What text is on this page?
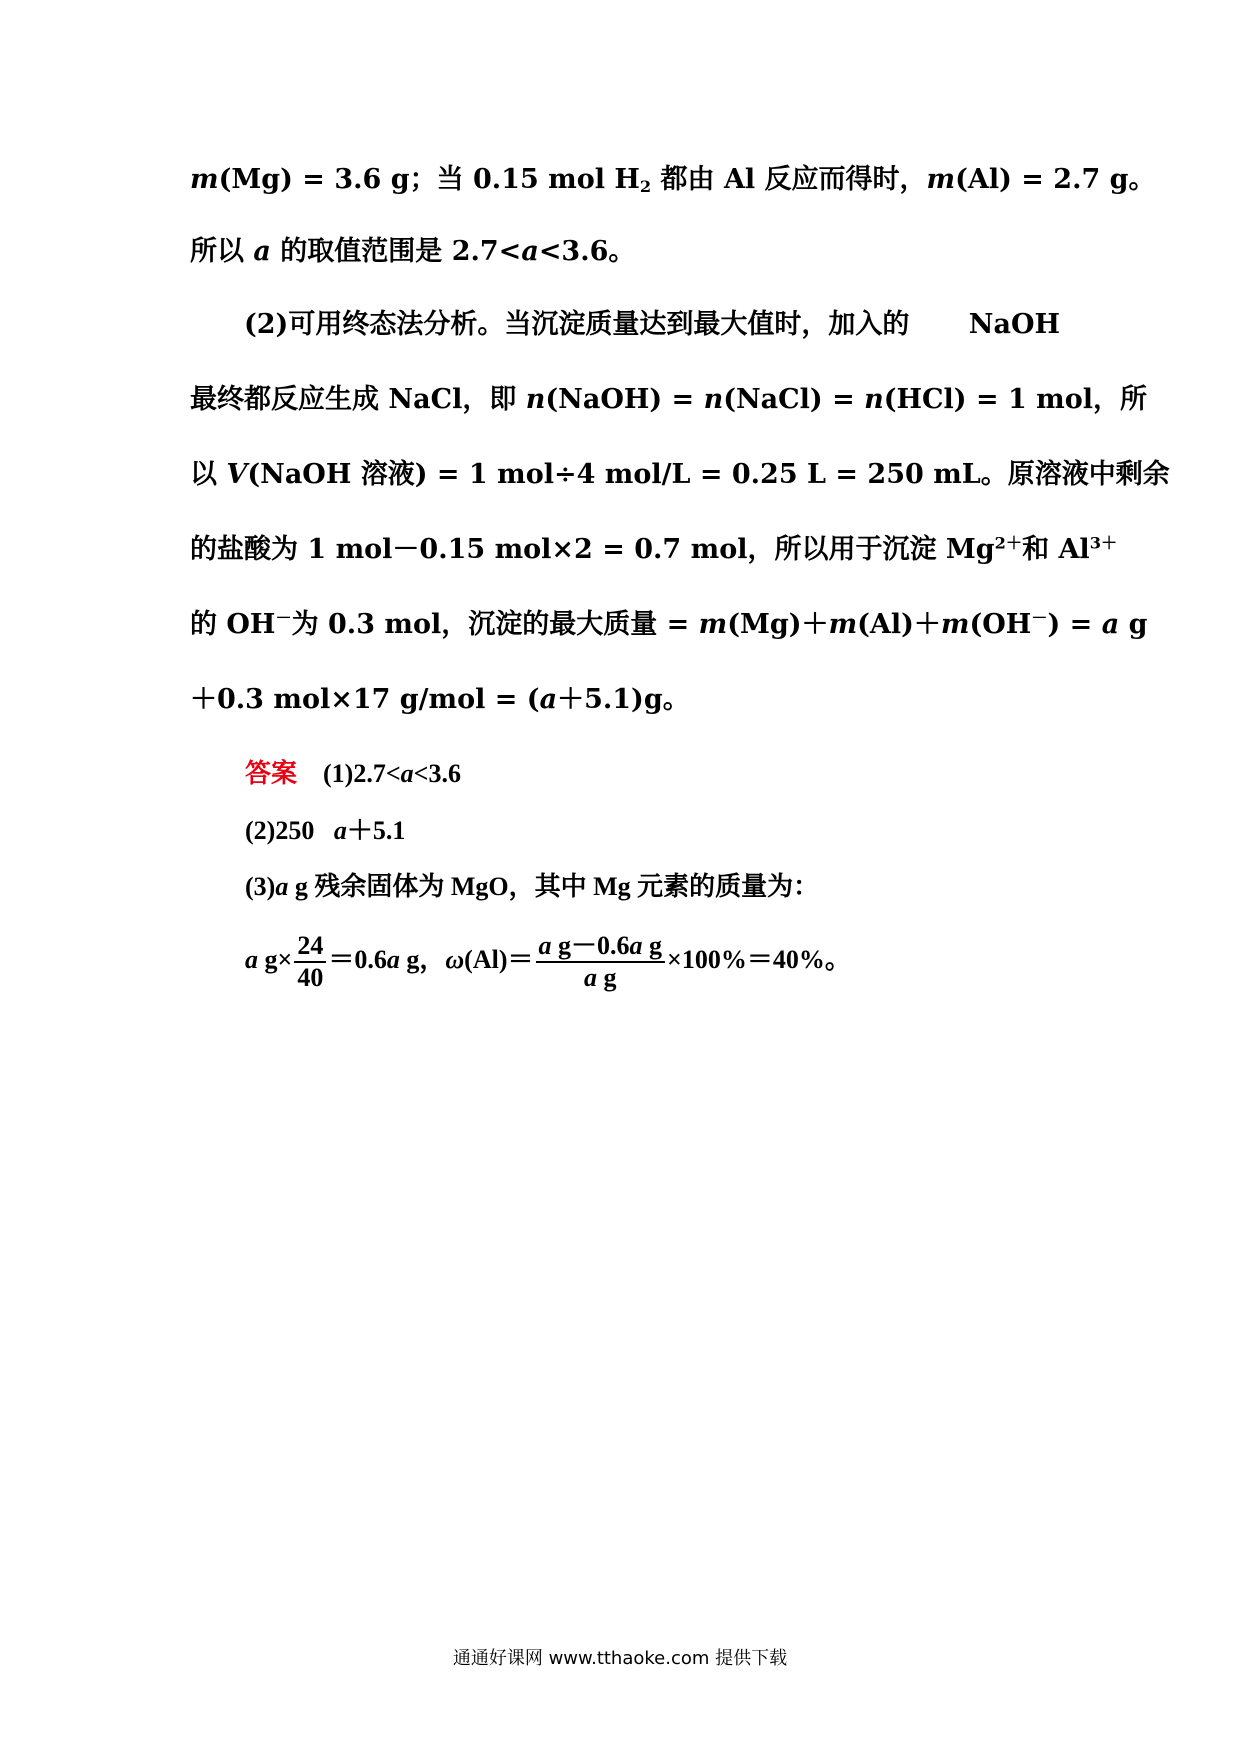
m(Mg) = 3.6 g；当 0.15 mol $H_2$ 都由 Al 反应而得时，m(Al) = 2.7 g。
所以 a 的取值范围是 2.7<a<3.6。
(2)可用终态法分析。当沉淀质量达到最大值时，加入的 NaOH
最终都反应生成 NaCl，即 n(NaOH) = n(NaCl) = n(HCl) = 1 mol，所
以 V(NaOH 溶液) = 1 mol÷4 mol/L = 0.25 L = 250 mL。原溶液中剩余
的盐酸为 1 mol－0.15 mol×2 = 0.7 mol，所以用于沉淀 $Mg^{2+}$和 $Al^{3+}$
的 OH－为 0.3 mol，沉淀的最大质量 = m(Mg)＋m(Al)＋m(OH－) = a g
＋0.3 mol×17 g/mol = (a＋5.1)g。
答案 (1)2.7<a<3.6
(2)250   a＋5.1
(3)a g 残余固体为 MgO，其中 Mg 元素的质量为：
a $g\times \frac{24}{40} =0.6a$ g，$\omega(Al)= \frac{\text{a g－0.6a g}}{\text{a g}} \times 100\%=40\%$。
通通好课网 www.tthaoke.com 提供下载
